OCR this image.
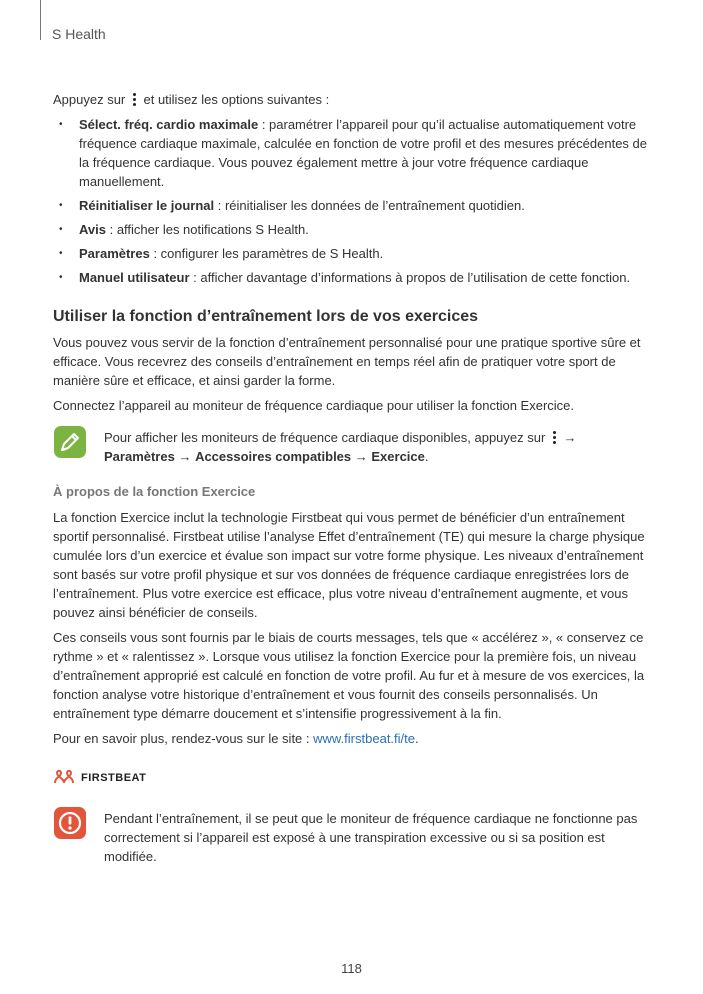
S Health

Appuyez sur  et utilisez les options suivantes :

• Sélect. fréq. cardio maximale : paramétrer l’appareil pour qu’il actualise automatiquement votre fréquence cardiaque maximale, calculée en fonction de votre profil et des mesures précédentes de la fréquence cardiaque. Vous pouvez également mettre à jour votre fréquence cardiaque manuellement.
• Réinitialiser le journal : réinitialiser les données de l’entraînement quotidien.
• Avis : afficher les notifications S Health.
• Paramètres : configurer les paramètres de S Health.
• Manuel utilisateur : afficher davantage d’informations à propos de l’utilisation de cette fonction.
Utiliser la fonction d’entraînement lors de vos exercices

Vous pouvez vous servir de la fonction d’entraînement personnalisé pour une pratique sportive sûre et efficace. Vous recevrez des conseils d’entraînement en temps réel afin de pratiquer votre sport de manière sûre et efficace, et ainsi garder la forme.

Connectez l’appareil au moniteur de fréquence cardiaque pour utiliser la fonction Exercice.

Pour afficher les moniteurs de fréquence cardiaque disponibles, appuyez sur  → Paramètres → Accessoires compatibles → Exercice.
À propos de la fonction Exercice

La fonction Exercice inclut la technologie Firstbeat qui vous permet de bénéficier d’un entraînement sportif personnalisé. Firstbeat utilise l’analyse Effet d’entraînement (TE) qui mesure la charge physique cumulée lors d’un exercice et évalue son impact sur votre forme physique. Les niveaux d’entraînement sont basés sur votre profil physique et sur vos données de fréquence cardiaque enregistrées lors de l’entraînement. Plus votre exercice est efficace, plus votre niveau d’entraînement augmente, et vous pouvez ainsi bénéficier de conseils.

Ces conseils vous sont fournis par le biais de courts messages, tels que « accélérez », « conservez ce rythme » et « ralentissez ». Lorsque vous utilisez la fonction Exercice pour la première fois, un niveau d’entraînement approprié est calculé en fonction de votre profil. Au fur et à mesure de vos exercices, la fonction analyse votre historique d’entraînement et vous fournit des conseils personnalisés. Un entraînement type démarre doucement et s’intensifie progressivement à la fin.

Pour en savoir plus, rendez-vous sur le site : www.firstbeat.fi/te.

FIRSTBEAT
Pendant l’entraînement, il se peut que le moniteur de fréquence cardiaque ne fonctionne pas correctement si l’appareil est exposé à une transpiration excessive ou si sa position est modifiée.
118
